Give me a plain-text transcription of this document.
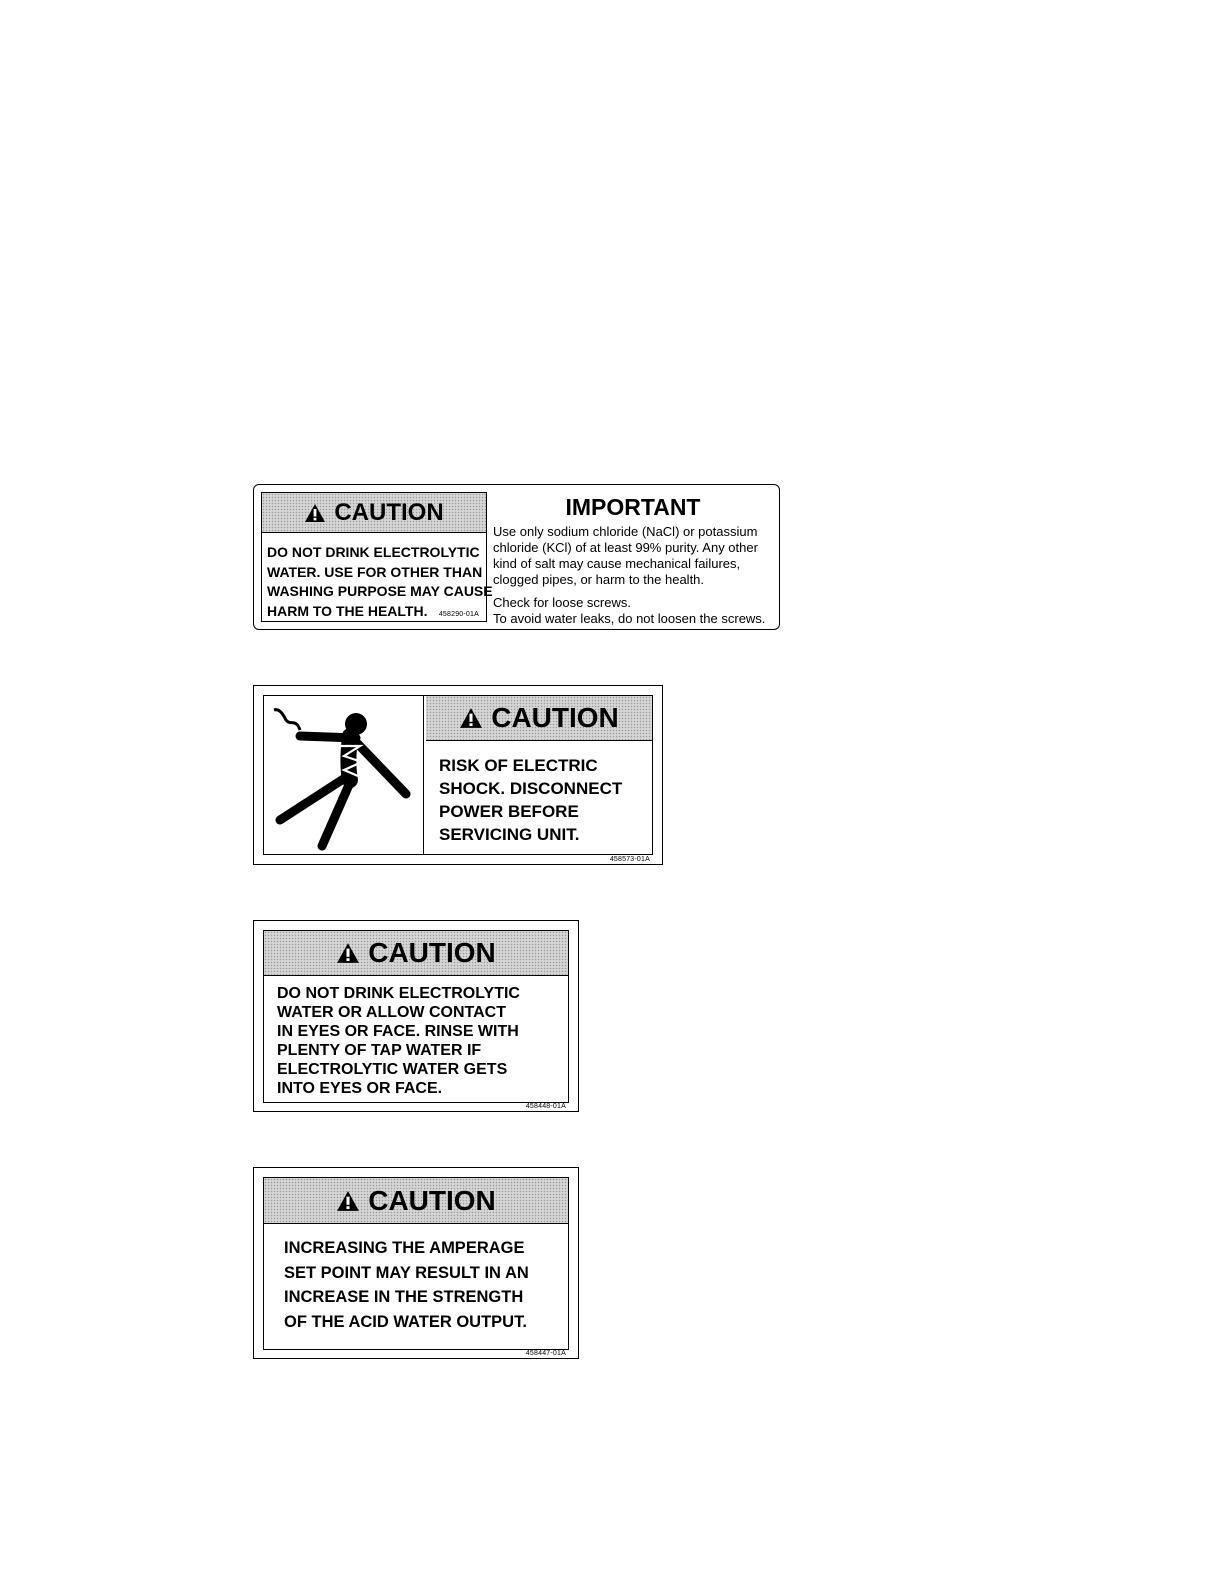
CAUTION
DO NOT DRINK ELECTROLYTIC
WATER. USE FOR OTHER THAN
WASHING PURPOSE MAY CAUSE
HARM TO THE HEALTH.	458290-01A
IMPORTANT
Use only sodium chloride (NaCl) or potassium
chloride (KCl) of at least 99% purity. Any other
kind of salt may cause mechanical failures,
clogged pipes, or harm to the health.
Check for loose screws.
To avoid water leaks, do not loosen the screws.
CAUTION
RISK OF ELECTRIC
SHOCK. DISCONNECT
POWER BEFORE
SERVICING UNIT.
458573-01A
CAUTION
DO NOT DRINK ELECTROLYTIC
WATER OR ALLOW CONTACT
IN EYES OR FACE. RINSE WITH
PLENTY OF TAP WATER IF
ELECTROLYTIC WATER GETS
INTO EYES OR FACE.
458448-01A
CAUTION
INCREASING THE AMPERAGE
SET POINT MAY RESULT IN AN
INCREASE IN THE STRENGTH
OF THE ACID WATER OUTPUT.
458447-01A
